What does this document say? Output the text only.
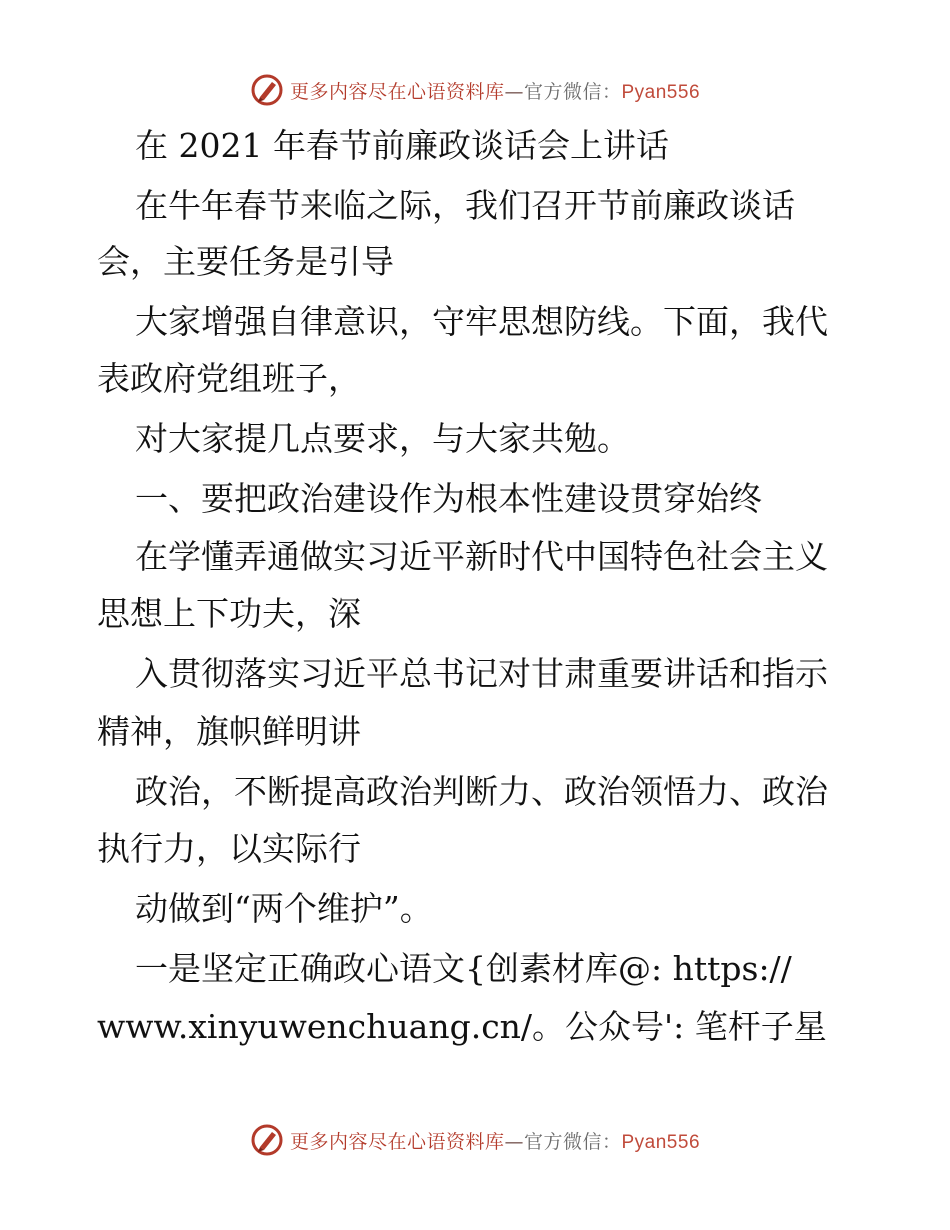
更多内容尽在心语资料库—官方微信：Pyan556
在 2021 年春节前廉政谈话会上讲话
在牛年春节来临之际，我们召开节前廉政谈话
会，主要任务是引导
大家增强自律意识，守牢思想防线。下面，我代
表政府党组班子，
对大家提几点要求，与大家共勉。
一、要把政治建设作为根本性建设贯穿始终
在学懂弄通做实习近平新时代中国特色社会主义
思想上下功夫，深
入贯彻落实习近平总书记对甘肃重要讲话和指示
精神，旗帜鲜明讲
政治，不断提高政治判断力、政治领悟力、政治
执行力，以实际行
动做到“两个维护”。
一是坚定正确政心语文{创素材库@: https://
www.xinyuwenchuang.cn/。公众号': 笔杆子星
更多内容尽在心语资料库—官方微信：Pyan556
